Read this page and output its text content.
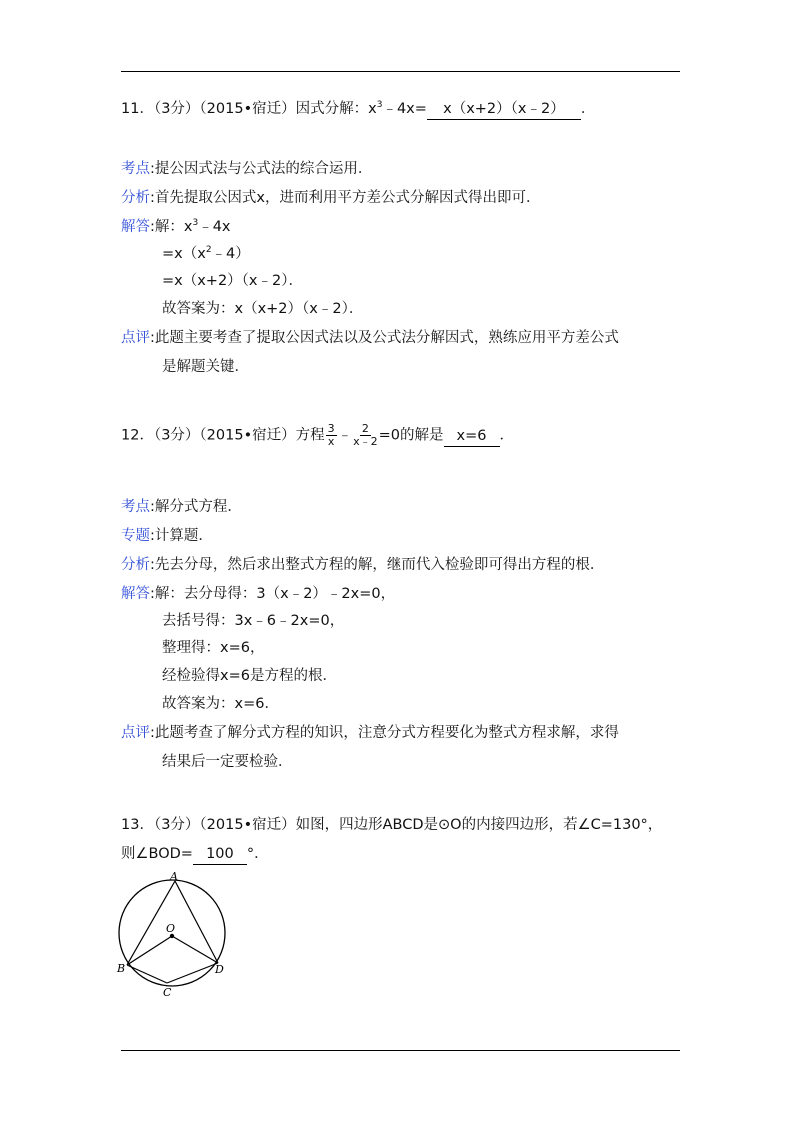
11．（3分）（2015•宿迁）因式分解：$x^3﹣4x=$ x（x+2）（x﹣2） ．
考点:提公因式法与公式法的综合运用．
分析:首先提取公因式x，进而利用平方差公式分解因式得出即可．
解答:解：$x^3﹣4x$
$=x(x^2﹣4)$
=x（x+2）（x﹣2）．
故答案为：x（x+2）（x﹣2）．
点评:此题主要考查了提取公因式法以及公式法分解因式，熟练应用平方差公式
是解题关键．
12．（3分）（2015•宿迁）方程 $\frac{3}{x}$ ﹣ $\frac{2}{x﹣2} =0$的解是 x=6 ．
考点:解分式方程．
专题:计算题．
分析:先去分母，然后求出整式方程的解，继而代入检验即可得出方程的根．
解答:解：去分母得：3（x﹣2）﹣2x=0，
去括号得：3x﹣6﹣2x=0，
整理得：x=6，
经检验得x=6是方程的根．
故答案为：x=6．
点评:此题考查了解分式方程的知识，注意分式方程要化为整式方程求解，求得
结果后一定要检验．
13．（3分）（2015•宿迁）如图，四边形ABCD是⊙O的内接四边形，若∠C=130°，
则∠BOD= 100 °．
A
O
B
C
D
